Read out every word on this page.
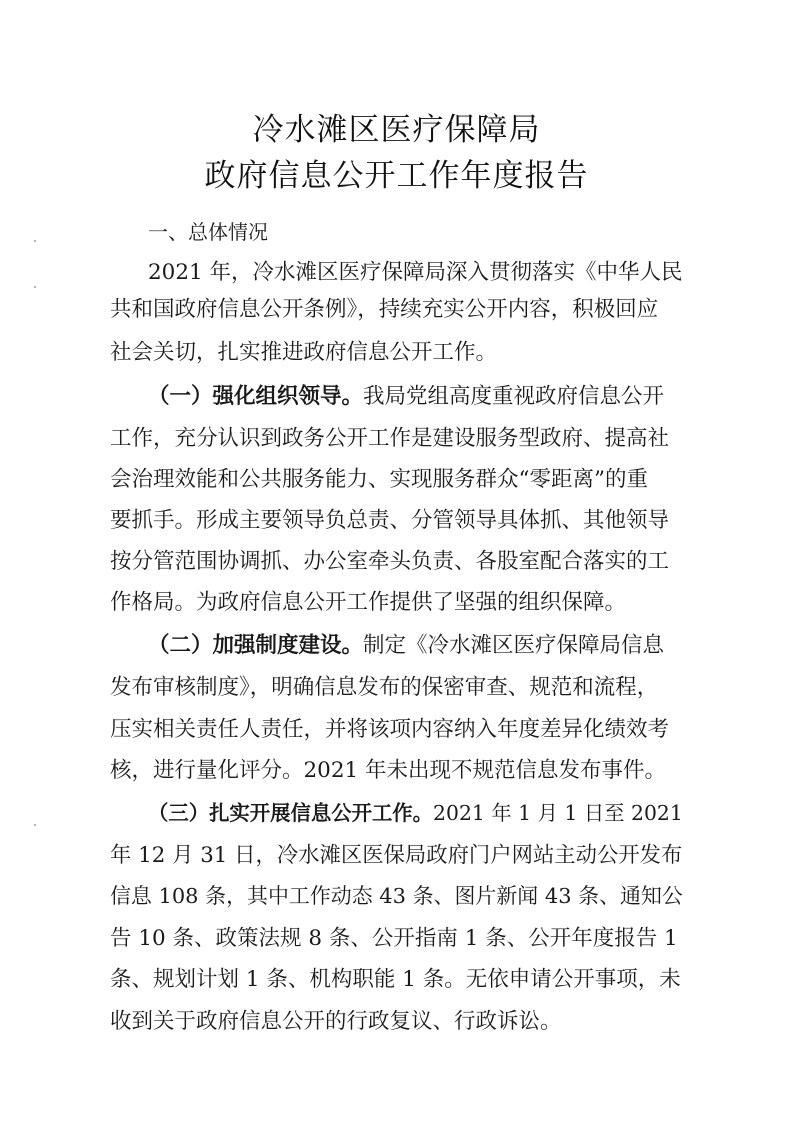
冷水滩区医疗保障局
政府信息公开工作年度报告
一、总体情况
2021 年，冷水滩区医疗保障局深入贯彻落实《中华人民
共和国政府信息公开条例》，持续充实公开内容，积极回应
社会关切，扎实推进政府信息公开工作。
（一）强化组织领导。我局党组高度重视政府信息公开
工作，充分认识到政务公开工作是建设服务型政府、提高社
会治理效能和公共服务能力、实现服务群众“零距离”的重
要抓手。形成主要领导负总责、分管领导具体抓、其他领导
按分管范围协调抓、办公室牵头负责、各股室配合落实的工
作格局。为政府信息公开工作提供了坚强的组织保障。
（二）加强制度建设。制定《冷水滩区医疗保障局信息
发布审核制度》，明确信息发布的保密审查、规范和流程，
压实相关责任人责任，并将该项内容纳入年度差异化绩效考
核，进行量化评分。2021 年未出现不规范信息发布事件。
（三）扎实开展信息公开工作。2021 年 1 月 1 日至 2021
年 12 月 31 日，冷水滩区医保局政府门户网站主动公开发布
信息 108 条，其中工作动态 43 条、图片新闻 43 条、通知公
告 10 条、政策法规 8 条、公开指南 1 条、公开年度报告 1
条、规划计划 1 条、机构职能 1 条。无依申请公开事项，未
收到关于政府信息公开的行政复议、行政诉讼。
